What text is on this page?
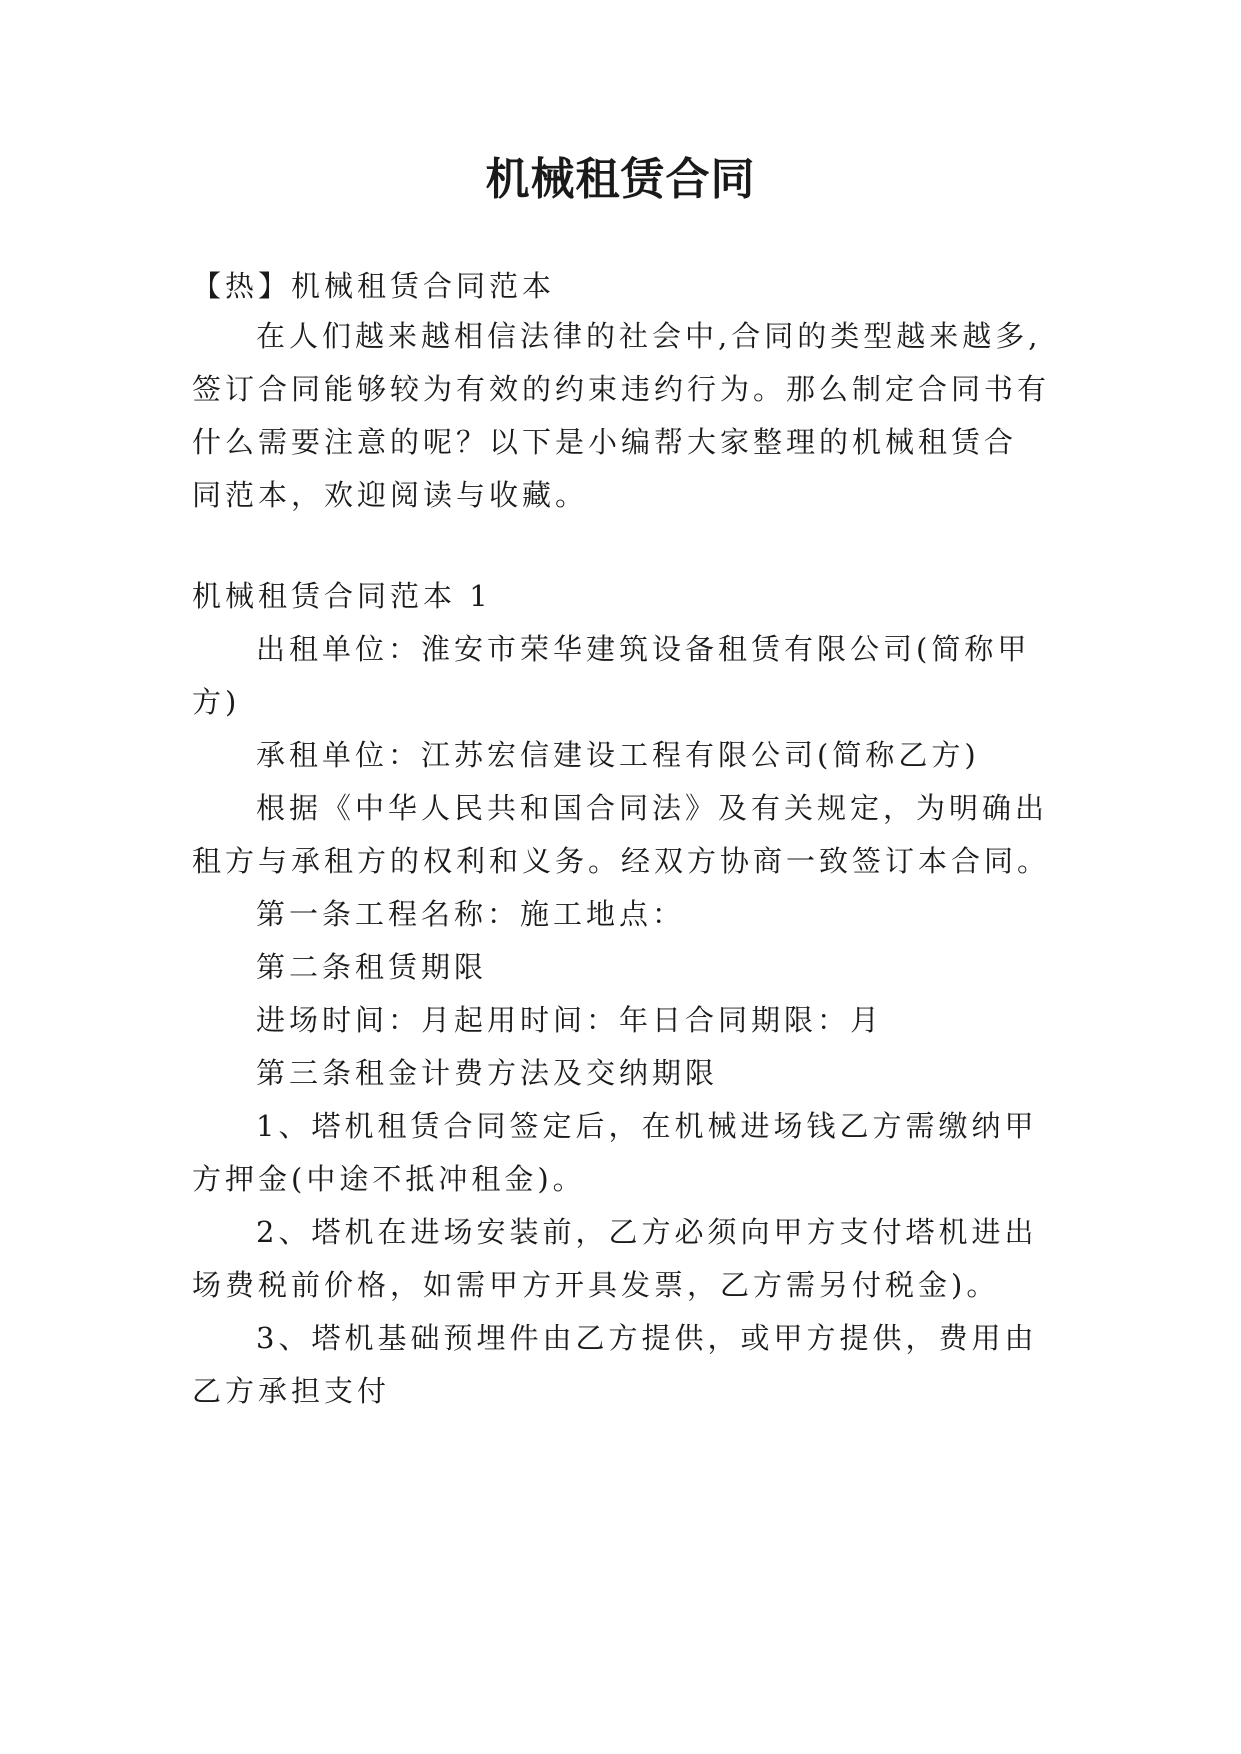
机械租赁合同

【热】机械租赁合同范本

在人们越来越相信法律的社会中,合同的类型越来越多,

签订合同能够较为有效的约束违约行为。那么制定合同书有

什么需要注意的呢？以下是小编帮大家整理的机械租赁合

同范本，欢迎阅读与收藏。

机械租赁合同范本 1

出租单位：淮安市荣华建筑设备租赁有限公司(简称甲

方)

承租单位：江苏宏信建设工程有限公司(简称乙方)

根据《中华人民共和国合同法》及有关规定，为明确出

租方与承租方的权利和义务。经双方协商一致签订本合同。

第一条工程名称：施工地点：

第二条租赁期限

进场时间：月起用时间：年日合同期限：月

第三条租金计费方法及交纳期限

1、塔机租赁合同签定后，在机械进场钱乙方需缴纳甲

方押金(中途不抵冲租金)。

2、塔机在进场安装前，乙方必须向甲方支付塔机进出

场费税前价格，如需甲方开具发票，乙方需另付税金)。

3、塔机基础预埋件由乙方提供，或甲方提供，费用由

乙方承担支付
